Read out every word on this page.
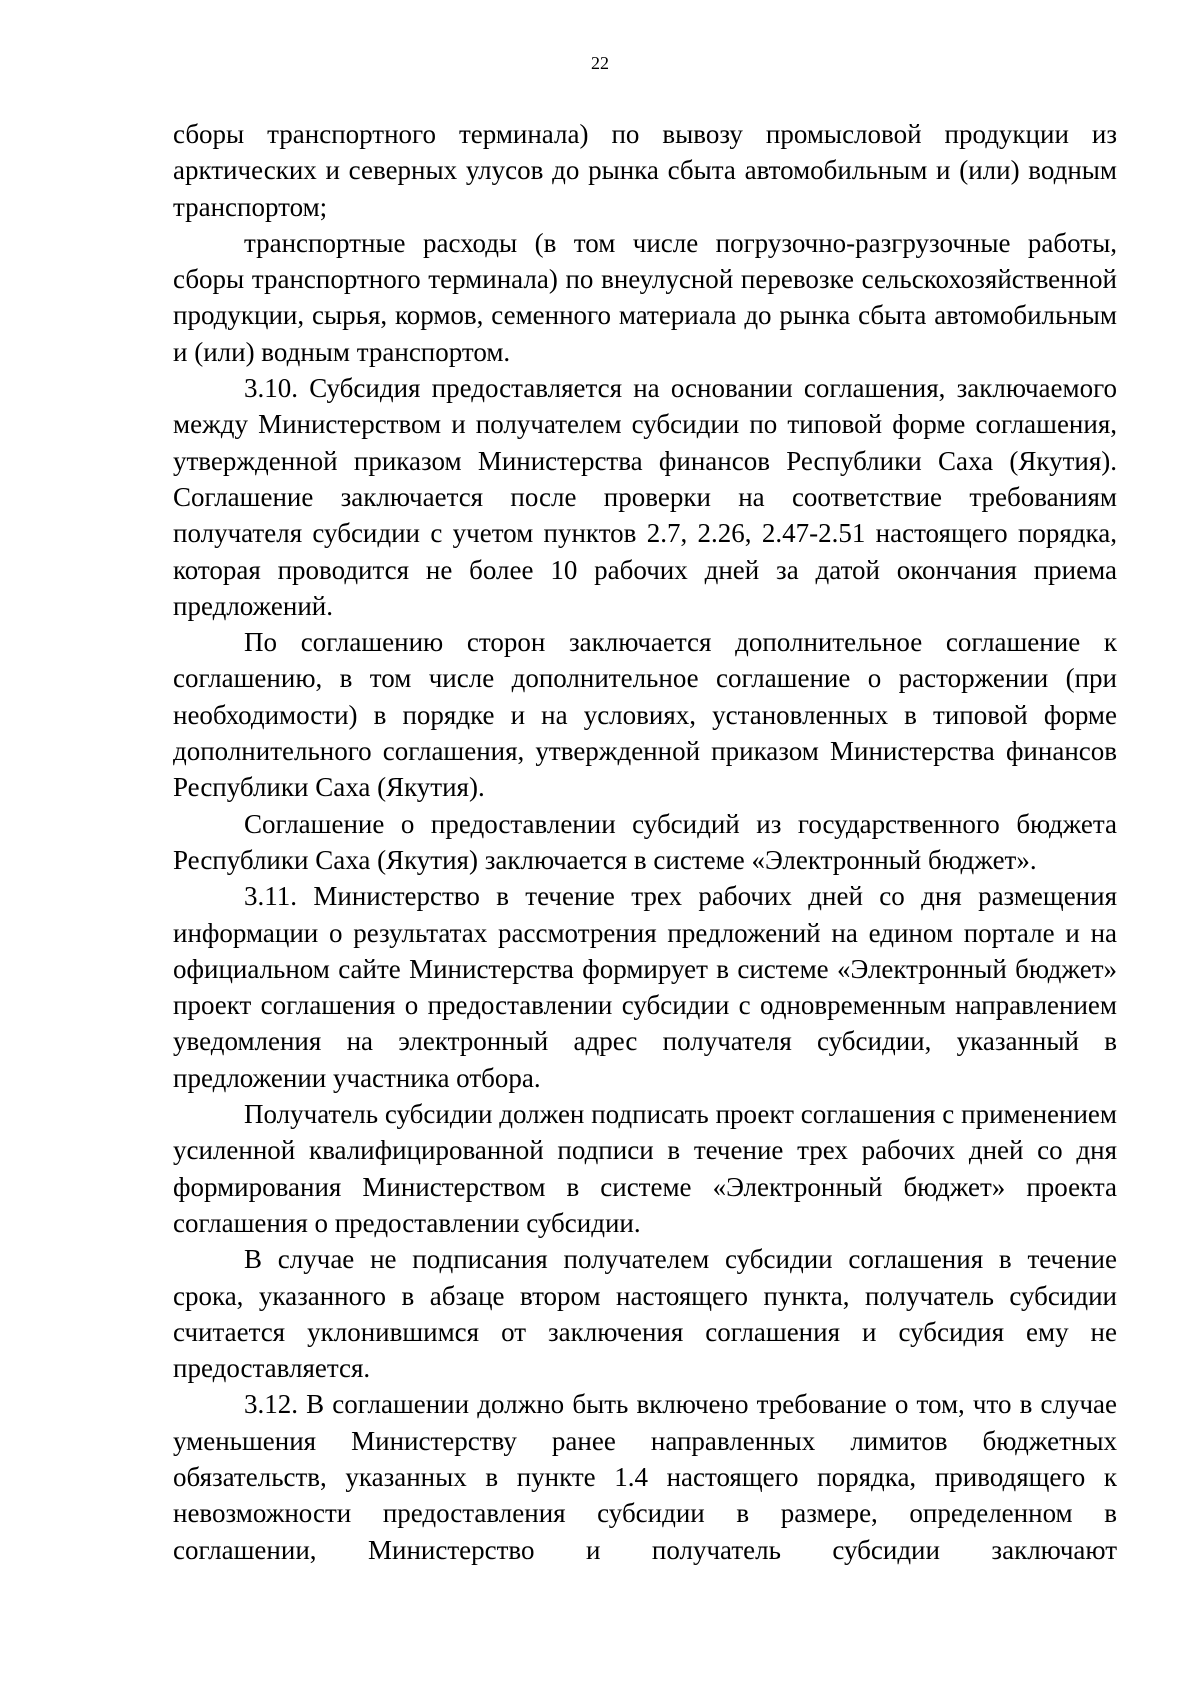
22

сборы транспортного терминала) по вывозу промысловой продукции из арктических и северных улусов до рынка сбыта автомобильным и (или) водным транспортом;

транспортные расходы (в том числе погрузочно-разгрузочные работы, сборы транспортного терминала) по внеулусной перевозке сельскохозяйственной продукции, сырья, кормов, семенного материала до рынка сбыта автомобильным и (или) водным транспортом.

3.10. Субсидия предоставляется на основании соглашения, заключаемого между Министерством и получателем субсидии по типовой форме соглашения, утвержденной приказом Министерства финансов Республики Саха (Якутия). Соглашение заключается после проверки на соответствие требованиям получателя субсидии с учетом пунктов 2.7, 2.26, 2.47-2.51 настоящего порядка, которая проводится не более 10 рабочих дней за датой окончания приема предложений.

По соглашению сторон заключается дополнительное соглашение к соглашению, в том числе дополнительное соглашение о расторжении (при необходимости) в порядке и на условиях, установленных в типовой форме дополнительного соглашения, утвержденной приказом Министерства финансов Республики Саха (Якутия).

Соглашение о предоставлении субсидий из государственного бюджета Республики Саха (Якутия) заключается в системе «Электронный бюджет».

3.11. Министерство в течение трех рабочих дней со дня размещения информации о результатах рассмотрения предложений на едином портале и на официальном сайте Министерства формирует в системе «Электронный бюджет» проект соглашения о предоставлении субсидии с одновременным направлением уведомления на электронный адрес получателя субсидии, указанный в предложении участника отбора.

Получатель субсидии должен подписать проект соглашения с применением усиленной квалифицированной подписи в течение трех рабочих дней со дня формирования Министерством в системе «Электронный бюджет» проекта соглашения о предоставлении субсидии.

В случае не подписания получателем субсидии соглашения в течение срока, указанного в абзаце втором настоящего пункта, получатель субсидии считается уклонившимся от заключения соглашения и субсидия ему не предоставляется.

3.12. В соглашении должно быть включено требование о том, что в случае уменьшения Министерству ранее направленных лимитов бюджетных обязательств, указанных в пункте 1.4 настоящего порядка, приводящего к невозможности предоставления субсидии в размере, определенном в соглашении, Министерство и получатель субсидии заключают
